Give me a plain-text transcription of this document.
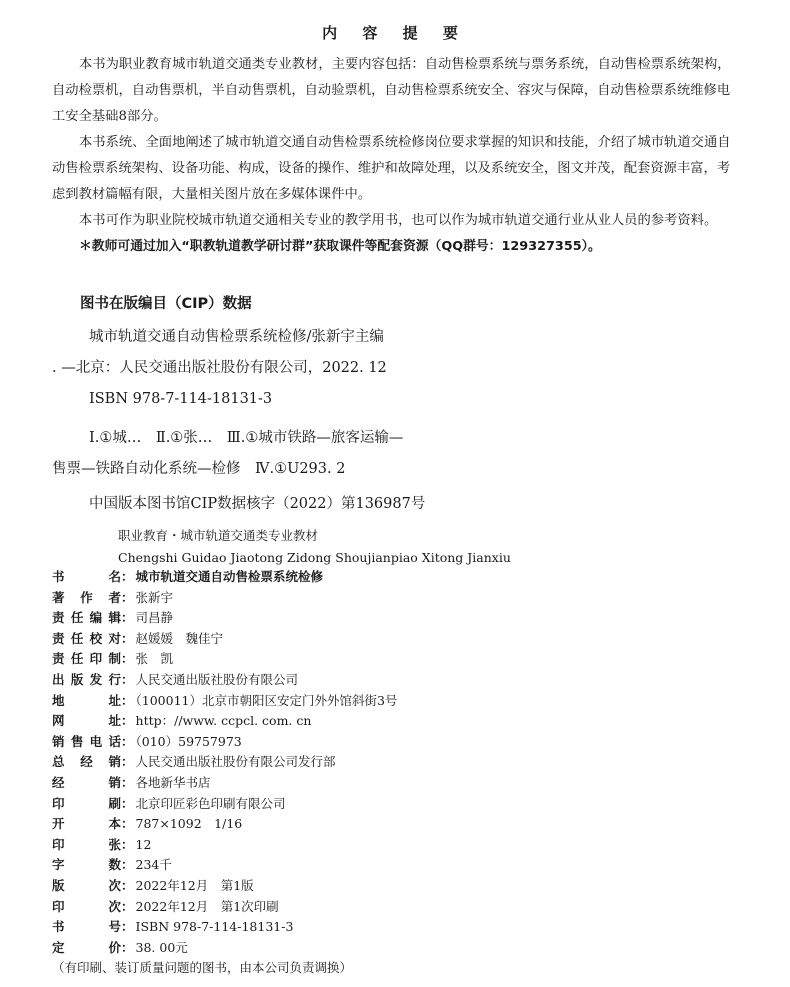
内 容 提 要

本书为职业教育城市轨道交通类专业教材，主要内容包括：自动售检票系统与票务系统，自动售检票系统架构，自动检票机，自动售票机，半自动售票机，自动验票机，自动售检票系统安全、容灾与保障，自动售检票系统维修电工安全基础8部分。

本书系统、全面地阐述了城市轨道交通自动售检票系统检修岗位要求掌握的知识和技能，介绍了城市轨道交通自动售检票系统架构、设备功能、构成，设备的操作、维护和故障处理，以及系统安全，图文并茂，配套资源丰富，考虑到教材篇幅有限，大量相关图片放在多媒体课件中。

本书可作为职业院校城市轨道交通相关专业的教学用书，也可以作为城市轨道交通行业从业人员的参考资料。

＊教师可通过加入“职教轨道教学研讨群”获取课件等配套资源（QQ群号：129327355）。

图书在版编目（CIP）数据
城市轨道交通自动售检票系统检修/张新宇主编
. —北京：人民交通出版社股份有限公司，2022. 12
ISBN 978-7-114-18131-3
Ⅰ.①城…　Ⅱ.①张…　Ⅲ.①城市铁路—旅客运输—
售票—铁路自动化系统—检修　Ⅳ.①U293. 2
中国版本图书馆CIP数据核字（2022）第136987号
职业教育・城市轨道交通类专业教材
Chengshi Guidao Jiaotong Zidong Shoujianpiao Xitong Jianxiu
书名： 城市轨道交通自动售检票系统检修
著作者： 张新宇
责任编辑： 司昌静
责任校对： 赵媛媛　魏佳宁
责任印制： 张　凯
出版发行： 人民交通出版社股份有限公司
地址： （100011）北京市朝阳区安定门外外馆斜街3号
网址： http：//www. ccpcl. com. cn
销售电话： （010）59757973
总经销： 人民交通出版社股份有限公司发行部
经销： 各地新华书店
印刷： 北京印匠彩色印刷有限公司
开本： 787×1092　1/16
印张： 12
字数： 234千
版次： 2022年12月　第1版
印次： 2022年12月　第1次印刷
书号： ISBN 978-7-114-18131-3
定价： 38. 00元
（有印刷、装订质量问题的图书，由本公司负责调换）
